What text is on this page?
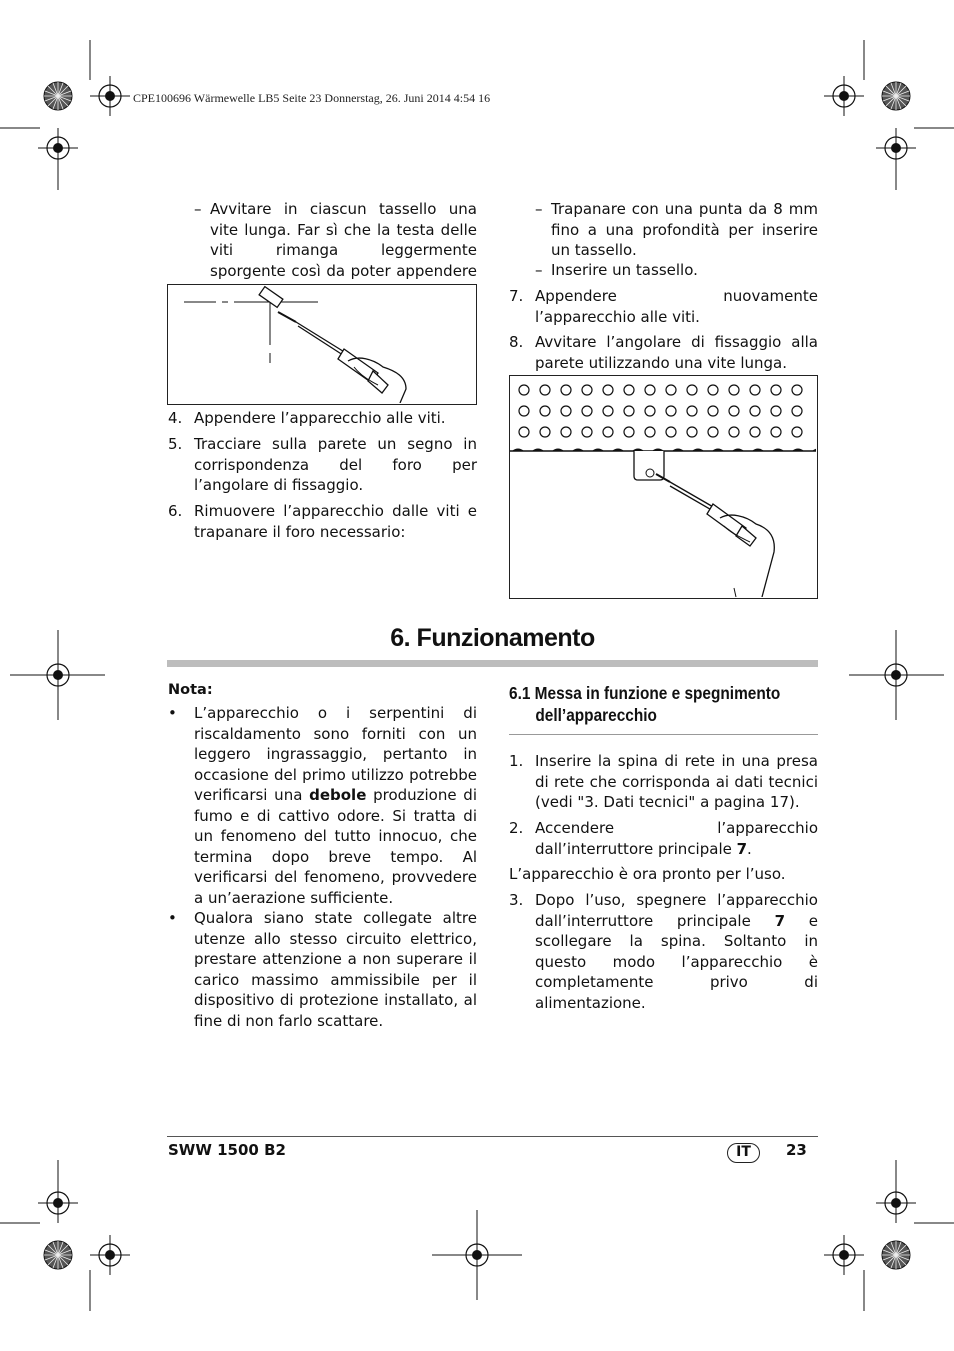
CPE100696 Wärmewelle LB5 Seite 23 Donnerstag, 26. Juni 2014 4:54 16
– Avvitare in ciascun tassello una vite lunga. Far sì che la testa delle viti rimanga leggermente sporgente così da poter appendere
4. Appendere l’apparecchio alle viti.
5. Tracciare sulla parete un segno in corrispondenza del foro per l’angolare di fissaggio.
6. Rimuovere l’apparecchio dalle viti e trapanare il foro necessario:
– Trapanare con una punta da 8 mm fino a una profondità per inserire un tassello.
– Inserire un tassello.
7. Appendere nuovamente l’apparecchio alle viti.
8. Avvitare l’angolare di fissaggio alla parete utilizzando una vite lunga.
6. Funzionamento
Nota:
• L’apparecchio o i serpentini di riscaldamento sono forniti con un leggero ingrassaggio, pertanto in occasione del primo utilizzo potrebbe verificarsi una debole produzione di fumo e di cattivo odore. Si tratta di un fenomeno del tutto innocuo, che termina dopo breve tempo. Al verificarsi del fenomeno, provvedere a un’aerazione sufficiente.
• Qualora siano state collegate altre utenze allo stesso circuito elettrico, prestare attenzione a non superare il carico massimo ammissibile per il dispositivo di protezione installato, al fine di non farlo scattare.
6.1 Messa in funzione e spegnimento
dell’apparecchio
1. Inserire la spina di rete in una presa di rete che corrisponda ai dati tecnici (vedi "3. Dati tecnici" a pagina 17).
2. Accendere l’apparecchio dall’interruttore principale 7.
L’apparecchio è ora pronto per l’uso.
3. Dopo l’uso, spegnere l’apparecchio dall’interruttore principale 7 e scollegare la spina. Soltanto in questo modo l’apparecchio è completamente privo di alimentazione.
SWW 1500 B2	IT	23
